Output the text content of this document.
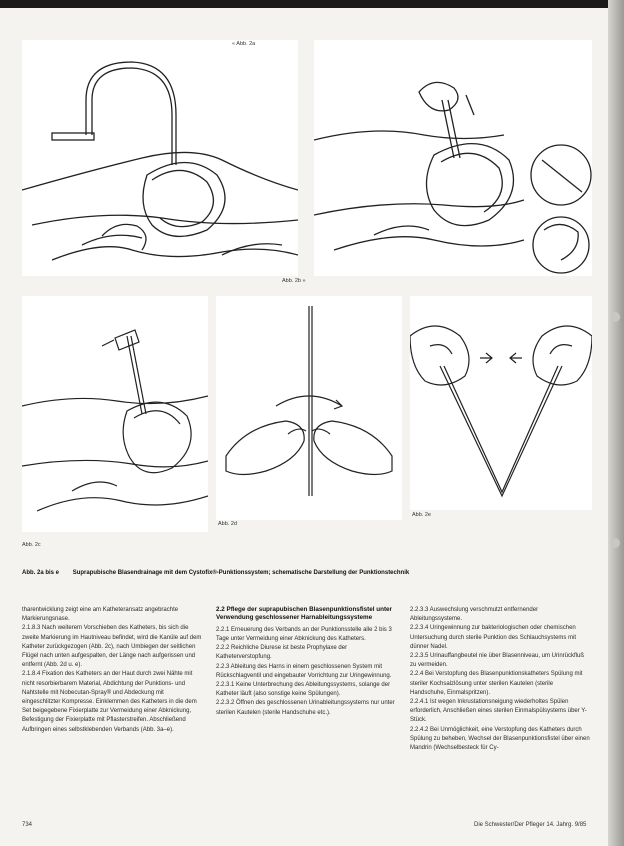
« Abb. 2a
Abb. 2b »
Abb. 2c
Abb. 2d
Abb. 2e
Abb. 2a bis e Suprapubische Blasendrainage mit dem Cystofix®-Punktionssystem; schematische Darstellung der Punktionstechnik

tharentwicklung zeigt eine am Katheteransatz angebrachte Markierungsnase.

2.1.8.3 Nach weiterem Vorschieben des Katheters, bis sich die zweite Markierung im Hautniveau befindet, wird die Kanüle auf dem Katheter zurückgezogen (Abb. 2c), nach Umbiegen der seitlichen Flügel nach unten aufgespalten, der Länge nach aufgerissen und entfernt (Abb. 2d u. e).

2.1.8.4 Fixation des Katheters an der Haut durch zwei Nähte mit nicht resorbierbarem Material, Abdichtung der Punktions- und Nahtstelle mit Nobecutan-Spray® und Abdeckung mit eingeschlitzter Kompresse. Einklemmen des Katheters in die dem Set beigegebene Fixierplatte zur Vermeidung einer Abknickung, Befestigung der Fixierplatte mit Pflasterstreifen. Abschließend Aufbringen eines selbstklebenden Verbands (Abb. 3a–e).

2.2 Pflege der suprapubischen Blasenpunktionsfistel unter Verwendung geschlossener Harnableitungssysteme

2.2.1 Erneuerung des Verbands an der Punktionsstelle alle 2 bis 3 Tage unter Vermeidung einer Abknickung des Katheters.

2.2.2 Reichliche Diurese ist beste Prophylaxe der Katheterverstopfung.

2.2.3 Ableitung des Harns in einem geschlossenen System mit Rückschlagventil und eingebauter Vorrichtung zur Uringewinnung.

2.2.3.1 Keine Unterbrechung des Ableitungssystems, solange der Katheter läuft (also sonstige keine Spülungen).

2.2.3.2 Öffnen des geschlossenen Urinableitungssystems nur unter sterilen Kautelen (sterile Handschuhe etc.).

2.2.3.3 Auswechslung verschmutzt entfernender Ableitungssysteme.

2.2.3.4 Uringewinnung zur bakteriologischen oder chemischen Untersuchung durch sterile Punktion des Schlauchsystems mit dünner Nadel.

2.2.3.5 Urinauffangbeutel nie über Blasenniveau, um Urinrückfluß zu vermeiden.

2.2.4 Bei Verstopfung des Blasenpunktionskatheters Spülung mit steriler Kochsalzlösung unter sterilen Kautelen (sterile Handschuhe, Einmalspritzen).

2.2.4.1 Ist wegen Inkrustationsneigung wiederholtes Spülen erforderlich, Anschließen eines sterilen Einmalspülsystems über Y-Stück.

2.2.4.2 Bei Unmöglichkeit, eine Verstopfung des Katheters durch Spülung zu beheben, Wechsel der Blasenpunktionsfistel über einen Mandrin (Wechselbesteck für Cy-

734	Die Schwester/Der Pfleger 14. Jahrg. 9/85
